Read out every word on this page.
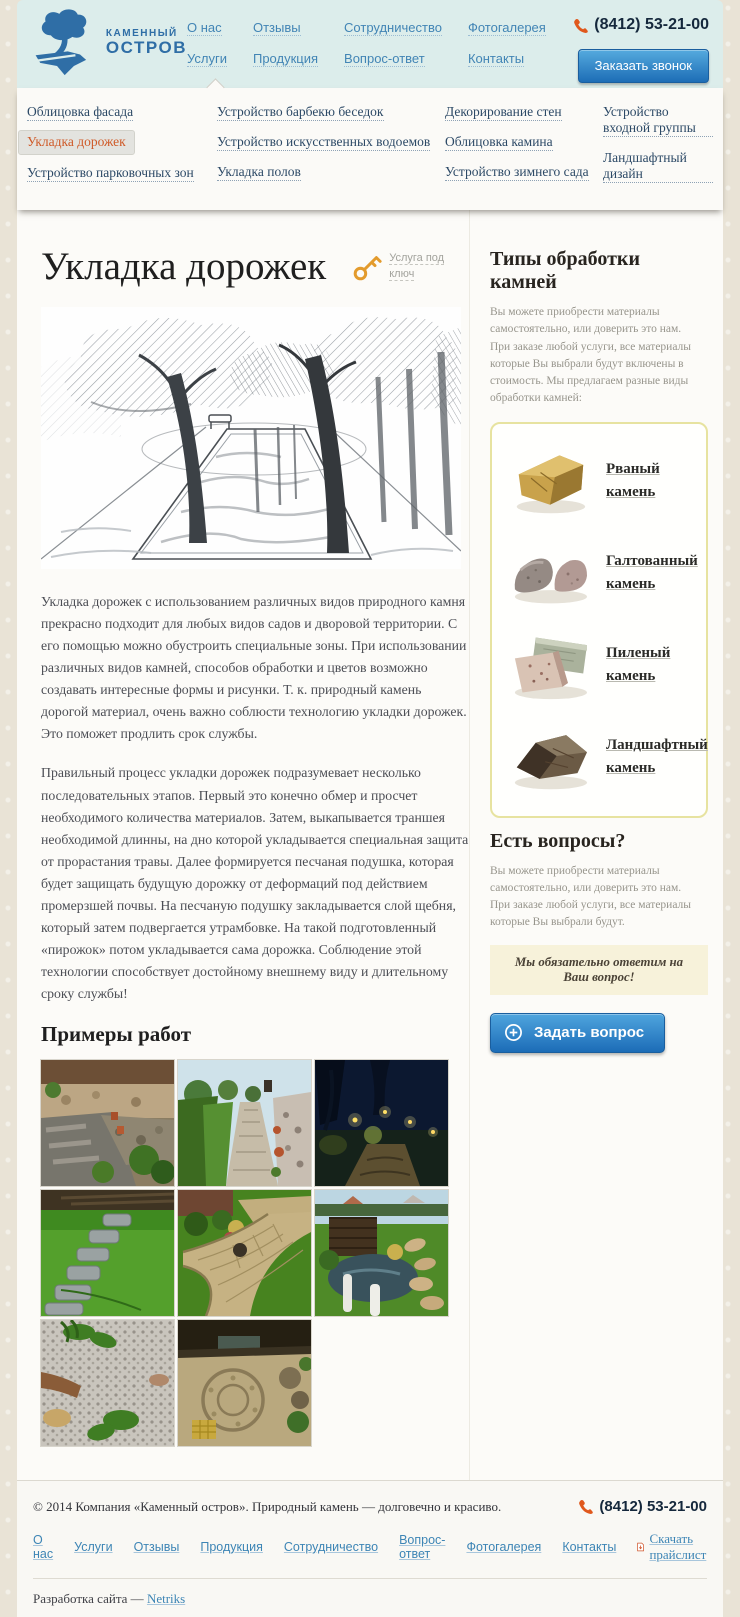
КАМЕННЫЙ
ОСТРОВ
О нас
Услуги
Отзывы
Продукция
Сотрудничество
Вопрос-ответ
Фотогалерея
Контакты
(8412) 53-21-00

Заказать звонок
Облицовка фасада
Укладка дорожек
Устройство парковочных зон
Устройство барбекю беседок
Устройство искусственных водоемов
Укладка полов
Декорирование стен
Облицовка камина
Устройство зимнего сада
Устройство входной группы
Ландшафтный дизайн
Укладка дорожек	Услуга под ключ

Укладка дорожек с использованием различных видов природного камня прекрасно подходит для любых видов садов и дворовой территории. С его помощью можно обустроить специальные зоны. При использовании различных видов камней, способов обработки и цветов возможно создавать интересные формы и рисунки. Т. к. природный камень дорогой материал, очень важно соблюсти технологию укладки дорожек. Это поможет продлить срок службы.

Правильный процесс укладки дорожек подразумевает несколько последовательных этапов. Первый это конечно обмер и просчет необходимого количества материалов. Затем, выкапывается траншея необходимой длинны, на дно которой укладывается специальная защита от прорастания травы. Далее формируется песчаная подушка, которая будет защищать будущую дорожку от деформаций под действием промерзшей почвы. На песчаную подушку закладывается слой щебня, который затем подвергается утрамбовке. На такой подготовленный «пирожок» потом укладывается сама дорожка. Соблюдение этой технологии способствует достойному внешнему виду и длительному сроку службы!

Примеры работ
Типы обработки камней

Вы можете приобрести материалы самостоятельно, или доверить это нам. При заказе любой услуги, все материалы которые Вы выбрали будут включены в стоимость. Мы предлагаем разные виды обработки камней:

Рваный камень
Галтованный камень
Пиленый камень
Ландшафтный камень
Есть вопросы?

Вы можете приобрести материалы самостоятельно, или доверить это нам. При заказе любой услуги, все материалы которые Вы выбрали будут.

Мы обязательно ответим на Ваш вопрос!
Задать вопрос
© 2014 Компания «Каменный остров». Природный камень — долговечно и красиво.	(8412) 53-21-00
О нас Услуги Отзывы Продукция Сотрудничество Вопрос-ответ	Фотогалерея Контакты
Скачать прайслист
Разработка сайта — Netriks
